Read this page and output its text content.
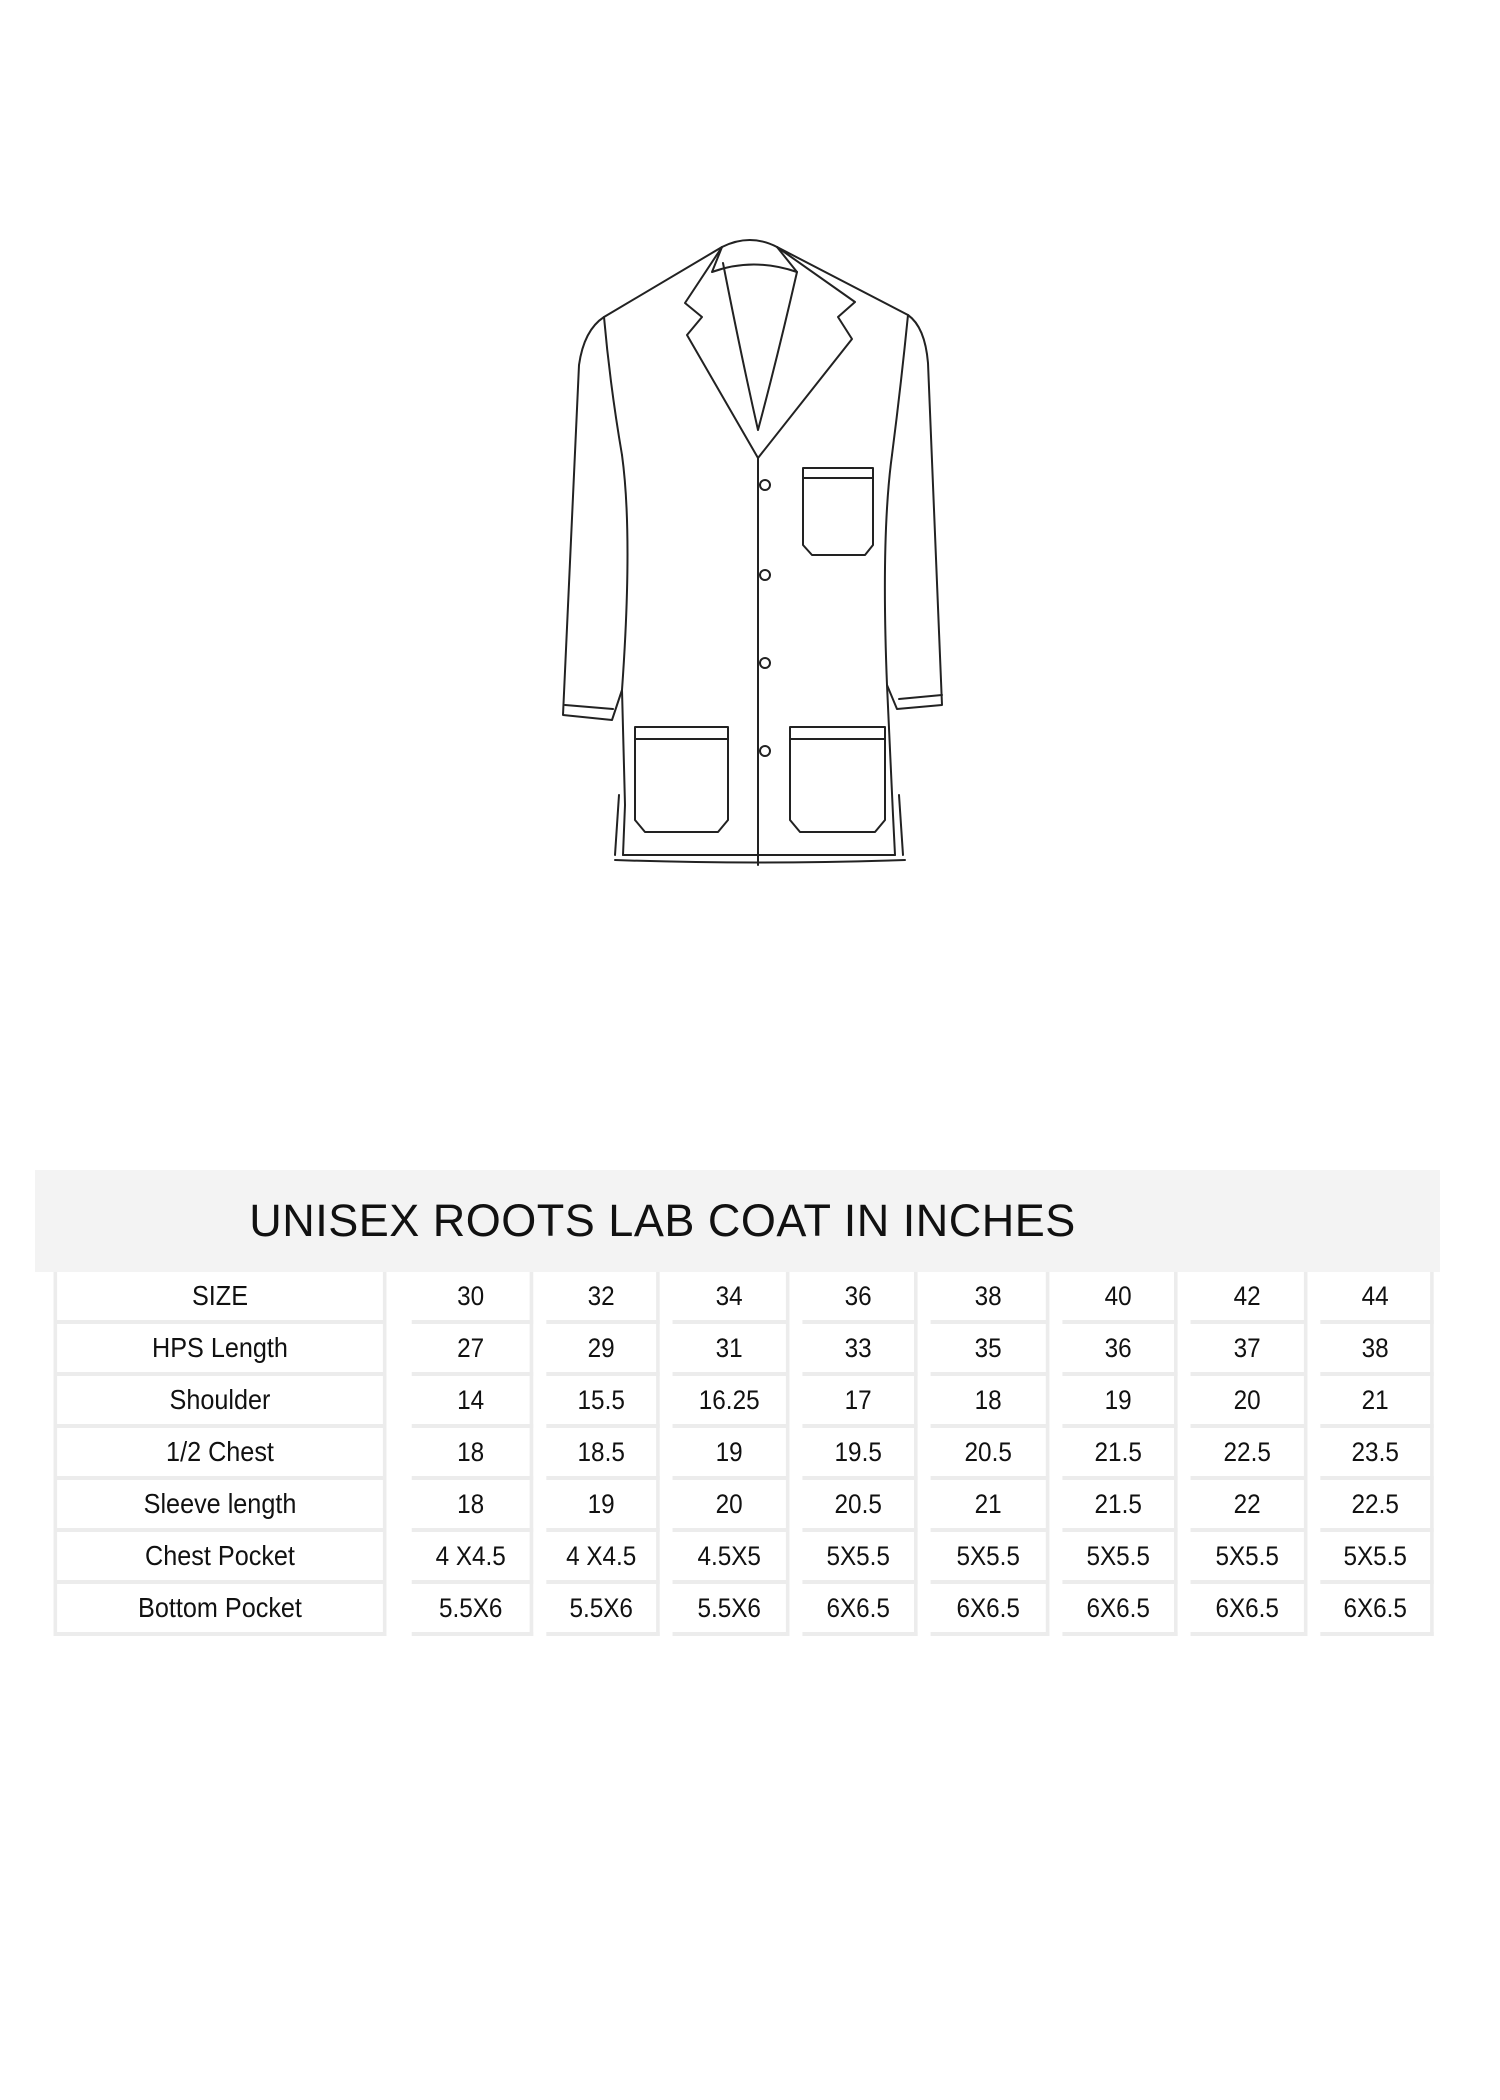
UNISEX ROOTS LAB COAT IN INCHES
SIZE	30	32	34	36	38	40	42	44
HPS Length	27	29	31	33	35	36	37	38
Shoulder	14	15.5	16.25	17	18	19	20	21
1/2 Chest	18	18.5	19	19.5	20.5	21.5	22.5	23.5
Sleeve length	18	19	20	20.5	21	21.5	22	22.5
Chest Pocket	4 X4.5	4 X4.5	4.5X5	5X5.5	5X5.5	5X5.5	5X5.5	5X5.5
Bottom Pocket	5.5X6	5.5X6	5.5X6	6X6.5	6X6.5	6X6.5	6X6.5	6X6.5
